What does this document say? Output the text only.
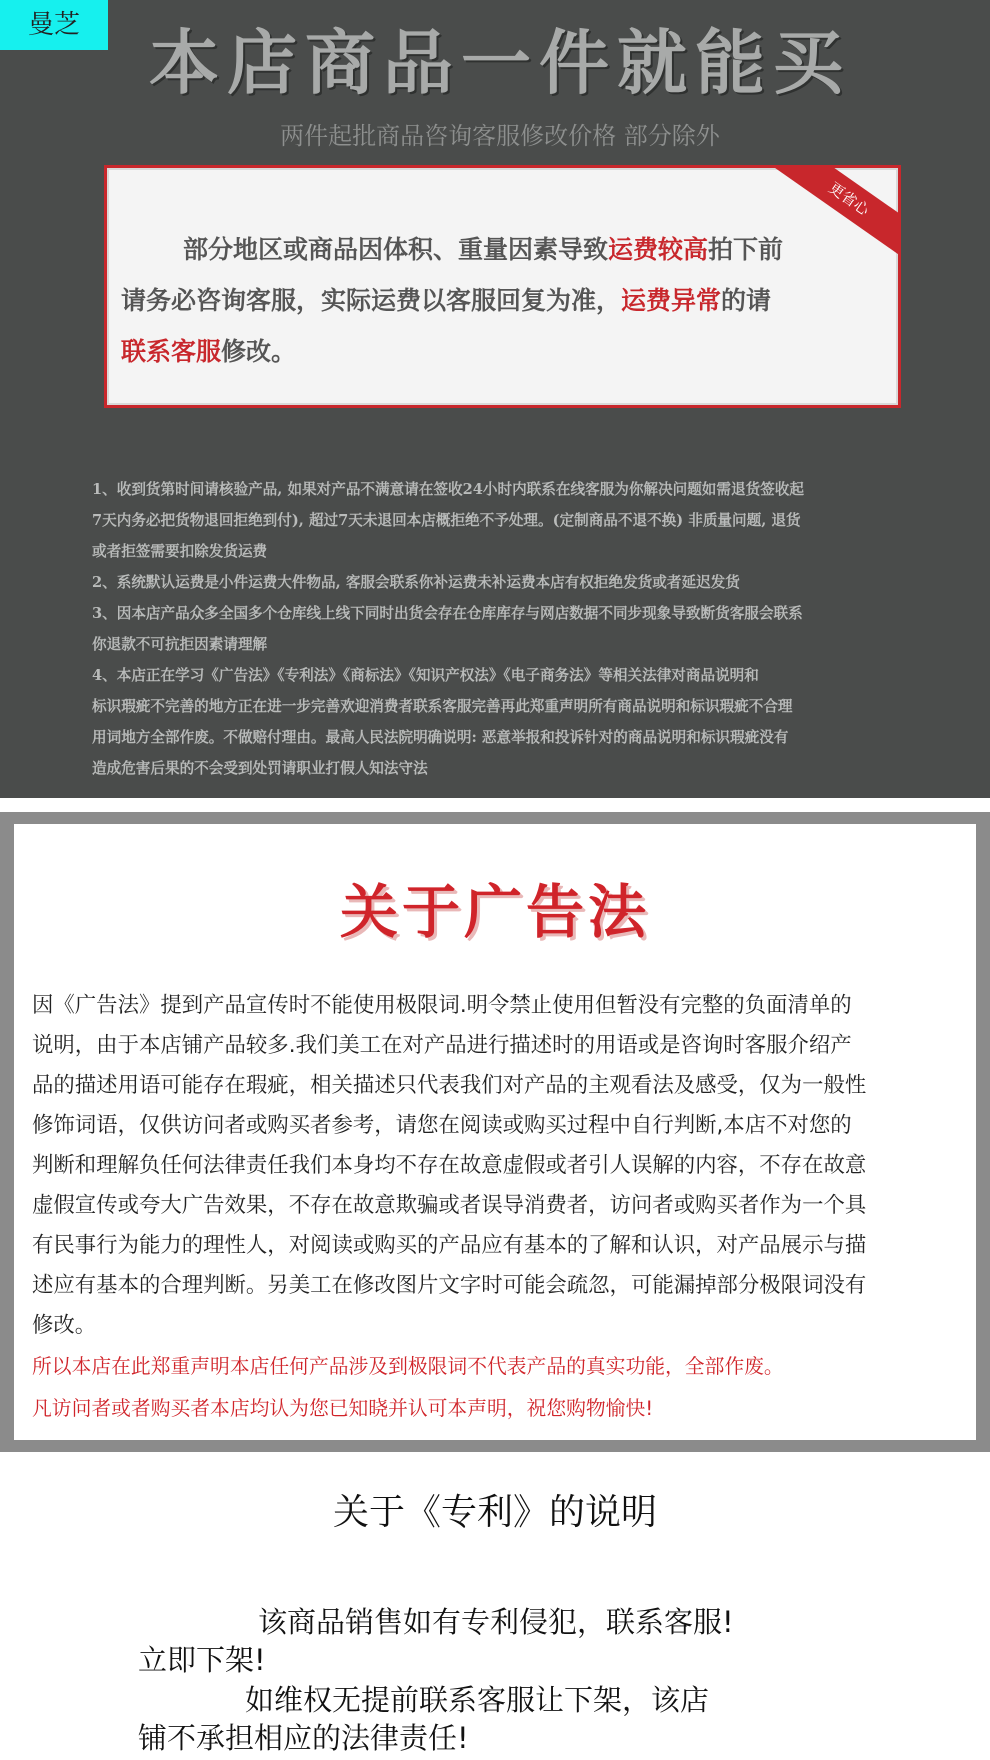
本店商品一件就能买
两件起批商品咨询客服修改价格 部分除外
更省心
部分地区或商品因体积、重量因素导致运费较高拍下前
请务必咨询客服，实际运费以客服回复为准，运费异常的请
联系客服修改。

1、收到货第时间请核验产品, 如果对产品不满意请在签收24小时内联系在线客服为你解决问题如需退货签收起

7天内务必把货物退回拒绝到付), 超过7天未退回本店概拒绝不予处理。(定制商品不退不换) 非质量问题, 退货

或者拒签需要扣除发货运费

2、系统默认运费是小件运费大件物品, 客服会联系你补运费未补运费本店有权拒绝发货或者延迟发货

3、因本店产品众多全国多个仓库线上线下同时出货会存在仓库库存与网店数据不同步现象导致断货客服会联系

你退款不可抗拒因素请理解

4、本店正在学习《广告法》《专利法》《商标法》《知识产权法》《电子商务法》等相关法律对商品说明和

标识瑕疵不完善的地方正在进一步完善欢迎消费者联系客服完善再此郑重声明所有商品说明和标识瑕疵不合理

用词地方全部作废。不做赔付理由。最高人民法院明确说明: 恶意举报和投诉针对的商品说明和标识瑕疵没有

造成危害后果的不会受到处罚请职业打假人知法守法

曼芝
关于广告法
因《广告法》提到产品宣传时不能使用极限词.明令禁止使用但暂没有完整的负面清单的
说明，由于本店铺产品较多.我们美工在对产品进行描述时的用语或是咨询时客服介绍产
品的描述用语可能存在瑕疵，相关描述只代表我们对产品的主观看法及感受，仅为一般性
修饰词语，仅供访问者或购买者参考，请您在阅读或购买过程中自行判断,本店不对您的
判断和理解负任何法律责任我们本身均不存在故意虚假或者引人误解的内容，不存在故意
虚假宣传或夸大广告效果，不存在故意欺骗或者误导消费者，访问者或购买者作为一个具
有民事行为能力的理性人，对阅读或购买的产品应有基本的了解和认识，对产品展示与描
述应有基本的合理判断。另美工在修改图片文字时可能会疏忽，可能漏掉部分极限词没有
修改。
所以本店在此郑重声明本店任何产品涉及到极限词不代表产品的真实功能，全部作废。
凡访问者或者购买者本店均认为您已知晓并认可本声明，祝您购物愉快!
关于《专利》的说明
该商品销售如有专利侵犯，联系客服!
立即下架!
如维权无提前联系客服让下架，该店
铺不承担相应的法律责任!
